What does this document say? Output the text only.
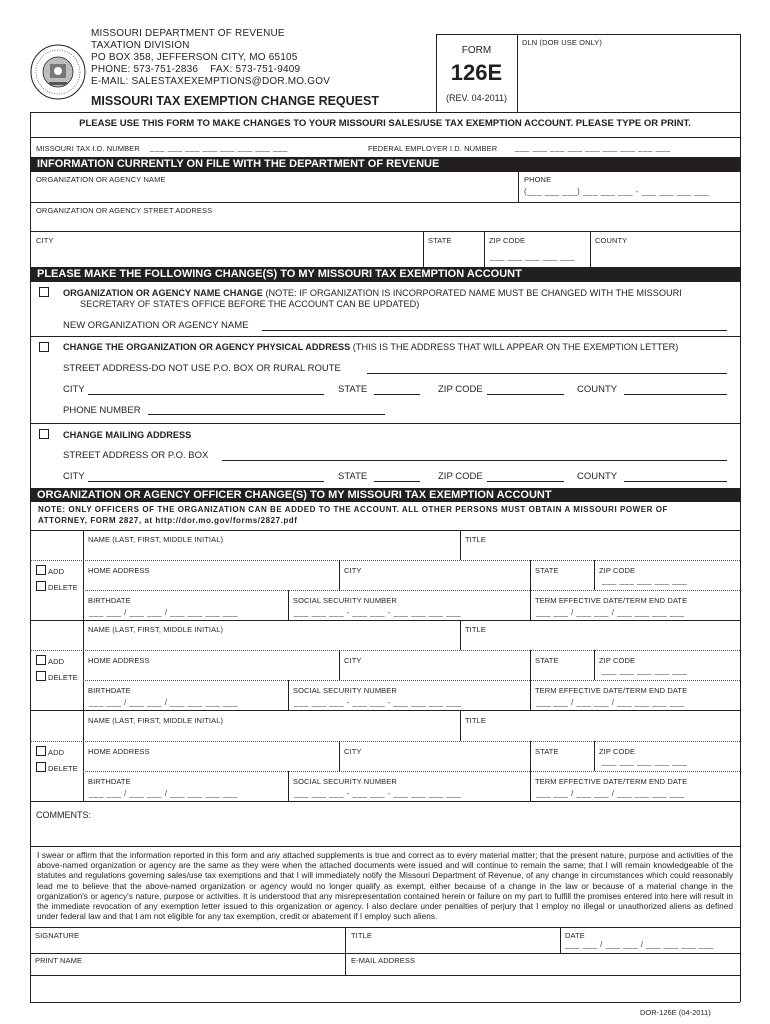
MISSOURI DEPARTMENT OF REVENUE
TAXATION DIVISION
PO BOX 358, JEFFERSON CITY, MO 65105
PHONE: 573-751-2836    FAX: 573-751-9409
E-MAIL: SALESTAXEXEMPTIONS@DOR.MO.GOV
MISSOURI TAX EXEMPTION CHANGE REQUEST
FORM
126E
(REV. 04-2011)
DLN (DOR USE ONLY)
PLEASE USE THIS FORM TO MAKE CHANGES TO YOUR MISSOURI SALES/USE TAX EXEMPTION ACCOUNT. PLEASE TYPE OR PRINT.
MISSOURI TAX I.D. NUMBER ___ ___ ___ ___ ___ ___ ___ ___	FEDERAL EMPLOYER I.D. NUMBER ___ ___ ___ ___ ___ ___ ___ ___ ___
INFORMATION CURRENTLY ON FILE WITH THE DEPARTMENT OF REVENUE
ORGANIZATION OR AGENCY NAME	PHONE
(___ ___ ___) ___ ___ ___ - ___ ___ ___ ___
ORGANIZATION OR AGENCY STREET ADDRESS
CITY	STATE	ZIP CODE
___ ___ ___ ___ ___
COUNTY
PLEASE MAKE THE FOLLOWING CHANGE(S) TO MY MISSOURI TAX EXEMPTION ACCOUNT
ORGANIZATION OR AGENCY NAME CHANGE (NOTE: IF ORGANIZATION IS INCORPORATED NAME MUST BE CHANGED WITH THE MISSOURI
SECRETARY OF STATE'S OFFICE BEFORE THE ACCOUNT CAN BE UPDATED)
NEW ORGANIZATION OR AGENCY NAME
CHANGE THE ORGANIZATION OR AGENCY PHYSICAL ADDRESS (THIS IS THE ADDRESS THAT WILL APPEAR ON THE EXEMPTION LETTER)
STREET ADDRESS-DO NOT USE P.O. BOX OR RURAL ROUTE
CITY	STATE	ZIP CODE	COUNTY
PHONE NUMBER
CHANGE MAILING ADDRESS
STREET ADDRESS OR P.O. BOX
CITY	STATE	ZIP CODE	COUNTY
ORGANIZATION OR AGENCY OFFICER CHANGE(S) TO MY MISSOURI TAX EXEMPTION ACCOUNT
NOTE: ONLY OFFICERS OF THE ORGANIZATION CAN BE ADDED TO THE ACCOUNT. ALL OTHER PERSONS MUST OBTAIN A MISSOURI POWER OF
ATTORNEY, FORM 2827, at http://dor.mo.gov/forms/2827.pdf
NAME (LAST, FIRST, MIDDLE INITIAL)	TITLE
ADD
DELETE
HOME ADDRESS	CITY	STATE	ZIP CODE
___ ___ ___ ___ ___
BIRTHDATE
___ ___ / ___ ___ / ___ ___ ___ ___
SOCIAL SECURITY NUMBER
___ ___ ___ - ___ ___ - ___ ___ ___ ___
TERM EFFECTIVE DATE/TERM END DATE
___ ___ / ___ ___ / ___ ___ ___ ___
NAME (LAST, FIRST, MIDDLE INITIAL)	TITLE
ADD
DELETE
HOME ADDRESS	CITY	STATE	ZIP CODE
___ ___ ___ ___ ___
BIRTHDATE
___ ___ / ___ ___ / ___ ___ ___ ___
SOCIAL SECURITY NUMBER
___ ___ ___ - ___ ___ - ___ ___ ___ ___
TERM EFFECTIVE DATE/TERM END DATE
___ ___ / ___ ___ / ___ ___ ___ ___
NAME (LAST, FIRST, MIDDLE INITIAL)	TITLE
ADD
DELETE
HOME ADDRESS	CITY	STATE	ZIP CODE
___ ___ ___ ___ ___
BIRTHDATE
___ ___ / ___ ___ / ___ ___ ___ ___
SOCIAL SECURITY NUMBER
___ ___ ___ - ___ ___ - ___ ___ ___ ___
TERM EFFECTIVE DATE/TERM END DATE
___ ___ / ___ ___ / ___ ___ ___ ___
COMMENTS:
I swear or affirm that the information reported in this form and any attached supplements is true and correct as to every material matter; that the present nature, purpose and activities of the above-named organization or agency are the same as they were when the attached documents were issued and will continue to remain the same; that I will remain knowledgeable of the statutes and regulations governing sales/use tax exemptions and that I will immediately notify the Missouri Department of Revenue, of any change in circumstances which could reasonably lead me to believe that the above-named organization or agency would no longer qualify as exempt, either because of a change in the law or because of a material change in the organization's or agency's nature, purpose or activities. It is understood that any misrepresentation contained herein or failure on my part to fulfill the promises entered into here will result in the immediate revocation of any exemption letter issued to this organization or agency. I also declare under penalties of perjury that I employ no illegal or unauthorized aliens as defined under federal law and that I am not eligible for any tax exemption, credit or abatement if I employ such aliens.
SIGNATURE	TITLE	DATE
___ ___ / ___ ___ / ___ ___ ___ ___
PRINT NAME	E-MAIL ADDRESS
DOR-126E (04-2011)
